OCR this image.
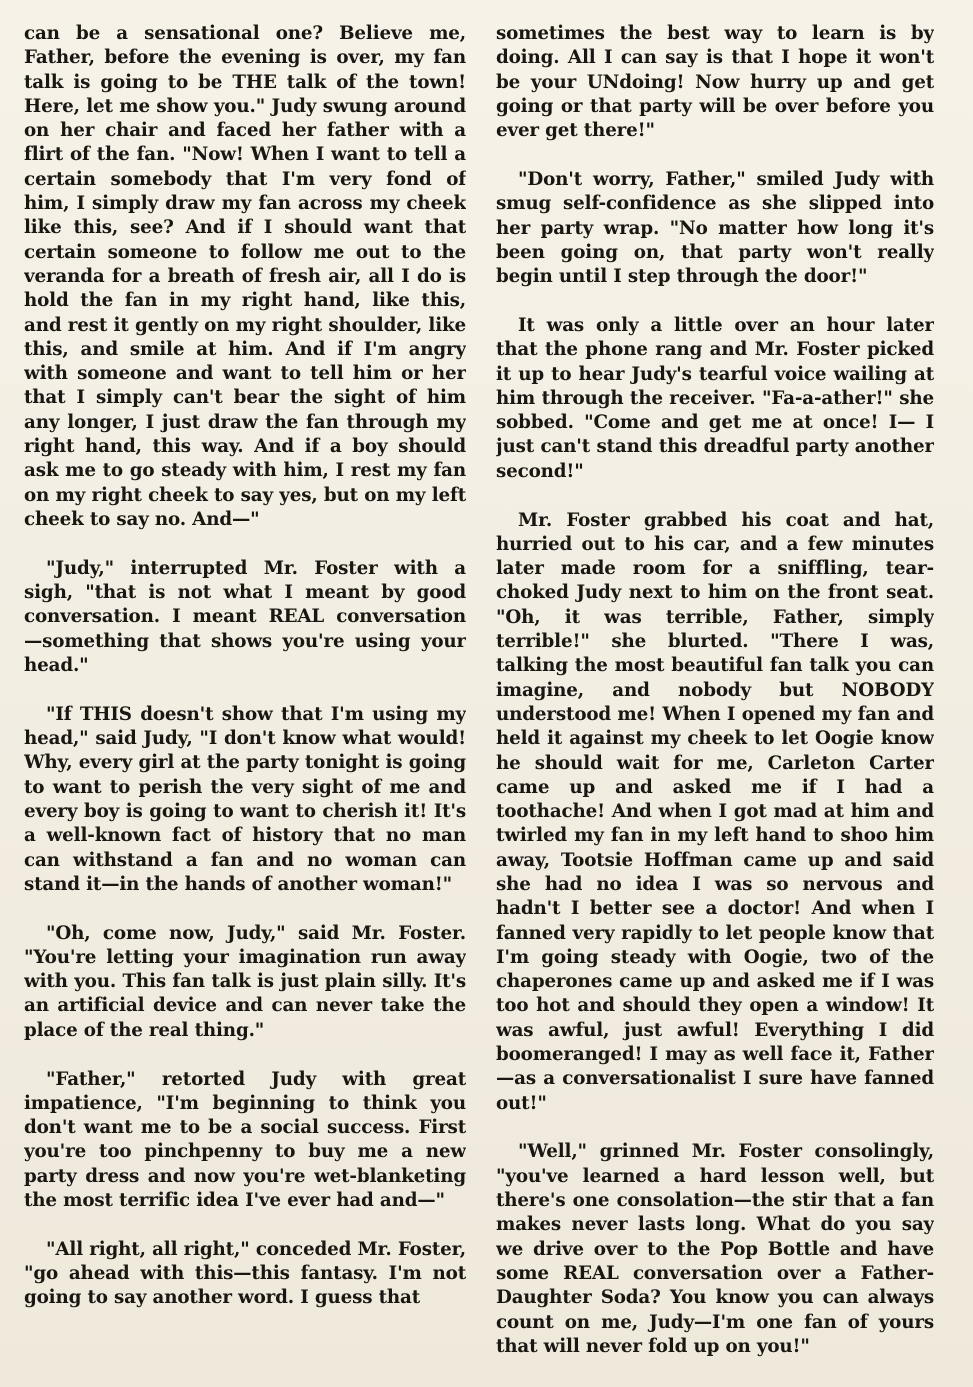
can be a sensational one? Believe me, Father, before the evening is over, my fan talk is going to be THE talk of the town! Here, let me show you." Judy swung around on her chair and faced her father with a flirt of the fan. "Now! When I want to tell a certain somebody that I'm very fond of him, I simply draw my fan across my cheek like this, see? And if I should want that certain someone to follow me out to the veranda for a breath of fresh air, all I do is hold the fan in my right hand, like this, and rest it gently on my right shoulder, like this, and smile at him. And if I'm angry with someone and want to tell him or her that I simply can't bear the sight of him any longer, I just draw the fan through my right hand, this way. And if a boy should ask me to go steady with him, I rest my fan on my right cheek to say yes, but on my left cheek to say no. And—"

"Judy," interrupted Mr. Foster with a sigh, "that is not what I meant by good conversation. I meant REAL conversation —something that shows you're using your head."

"If THIS doesn't show that I'm using my head," said Judy, "I don't know what would! Why, every girl at the party tonight is going to want to perish the very sight of me and every boy is going to want to cherish it! It's a well-known fact of history that no man can withstand a fan and no woman can stand it—in the hands of another woman!"

"Oh, come now, Judy," said Mr. Foster. "You're letting your imagination run away with you. This fan talk is just plain silly. It's an artificial device and can never take the place of the real thing."

"Father," retorted Judy with great impatience, "I'm beginning to think you don't want me to be a social success. First you're too pinchpenny to buy me a new party dress and now you're wet-blanketing the most terrific idea I've ever had and—"

"All right, all right," conceded Mr. Foster, "go ahead with this—this fantasy. I'm not going to say another word. I guess that

sometimes the best way to learn is by doing. All I can say is that I hope it won't be your UNdoing! Now hurry up and get going or that party will be over before you ever get there!"

"Don't worry, Father," smiled Judy with smug self-confidence as she slipped into her party wrap. "No matter how long it's been going on, that party won't really begin until I step through the door!"

It was only a little over an hour later that the phone rang and Mr. Foster picked it up to hear Judy's tearful voice wailing at him through the receiver. "Fa-a-ather!" she sobbed. "Come and get me at once! I— I just can't stand this dreadful party another second!"

Mr. Foster grabbed his coat and hat, hurried out to his car, and a few minutes later made room for a sniffling, tear-choked Judy next to him on the front seat. "Oh, it was terrible, Father, simply terrible!" she blurted. "There I was, talking the most beautiful fan talk you can imagine, and nobody but NOBODY understood me! When I opened my fan and held it against my cheek to let Oogie know he should wait for me, Carleton Carter came up and asked me if I had a toothache! And when I got mad at him and twirled my fan in my left hand to shoo him away, Tootsie Hoffman came up and said she had no idea I was so nervous and hadn't I better see a doctor! And when I fanned very rapidly to let people know that I'm going steady with Oogie, two of the chaperones came up and asked me if I was too hot and should they open a window! It was awful, just awful! Everything I did boomeranged! I may as well face it, Father—as a conversationalist I sure have fanned out!"

"Well," grinned Mr. Foster consolingly, "you've learned a hard lesson well, but there's one consolation—the stir that a fan makes never lasts long. What do you say we drive over to the Pop Bottle and have some REAL conversation over a Father-Daughter Soda? You know you can always count on me, Judy—I'm one fan of yours that will never fold up on you!"
